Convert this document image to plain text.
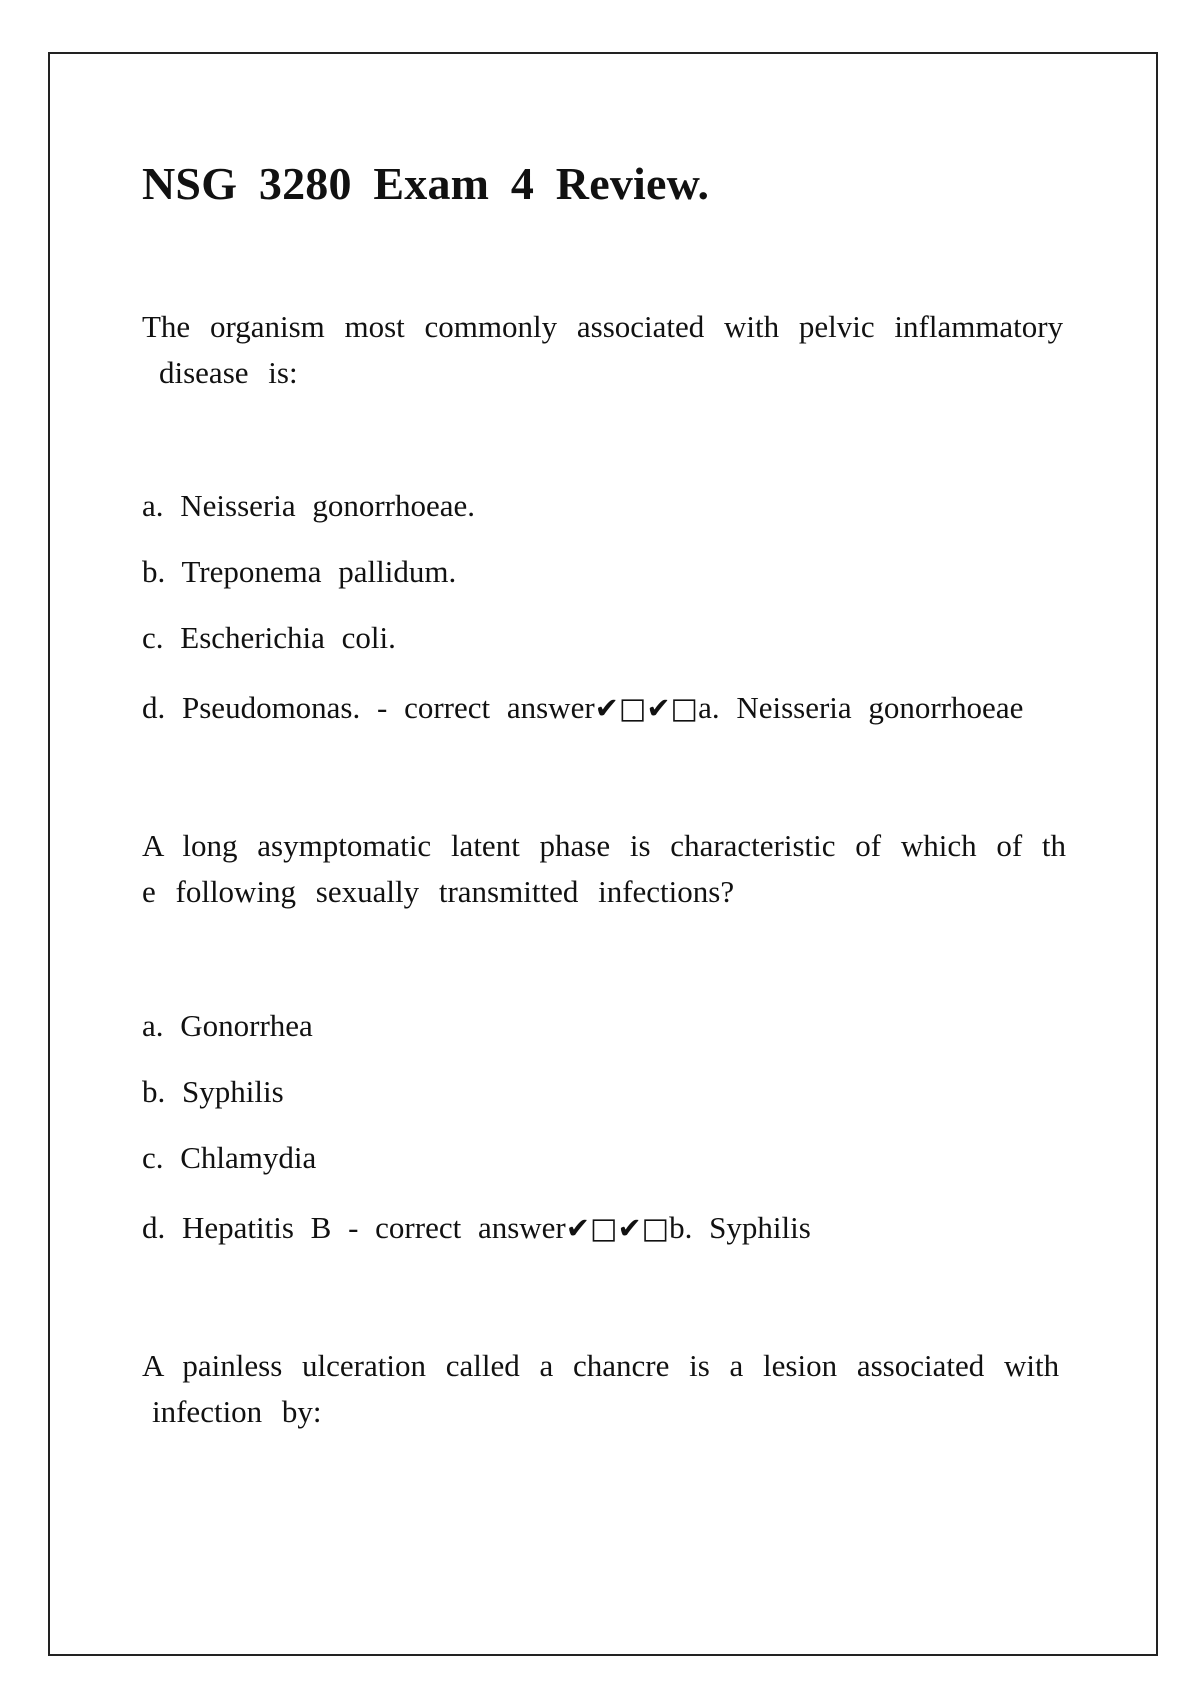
NSG 3280 Exam 4 Review.

The organism most commonly associated with pelvic inflammatory
disease is:

a. Neisseria gonorrhoeae.

b. Treponema pallidum.

c. Escherichia coli.

d. Pseudomonas. - correct answer✔□✔□a. Neisseria gonorrhoeae

A long asymptomatic latent phase is characteristic of which of th
e following sexually transmitted infections?

a. Gonorrhea

b. Syphilis

c. Chlamydia

d. Hepatitis B - correct answer✔□✔□b. Syphilis

A painless ulceration called a chancre is a lesion associated with
infection by:
